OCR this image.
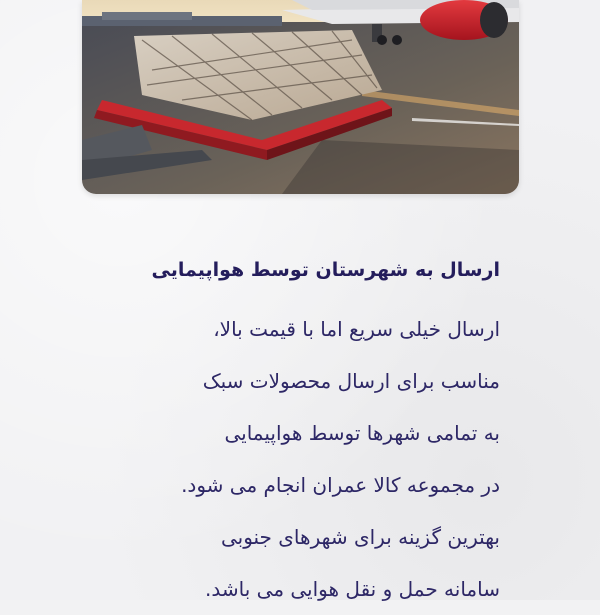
ارسال به شهرستان توسط هواپیمایی
ارسال خیلی سریع اما با قیمت بالا،
مناسب برای ارسال محصولات سبک
به تمامی شهرها توسط هواپیمایی
در مجموعه کالا عمران انجام می شود.
بهترین گزینه برای شهرهای جنوبی
سامانه حمل و نقل هوایی می باشد.
